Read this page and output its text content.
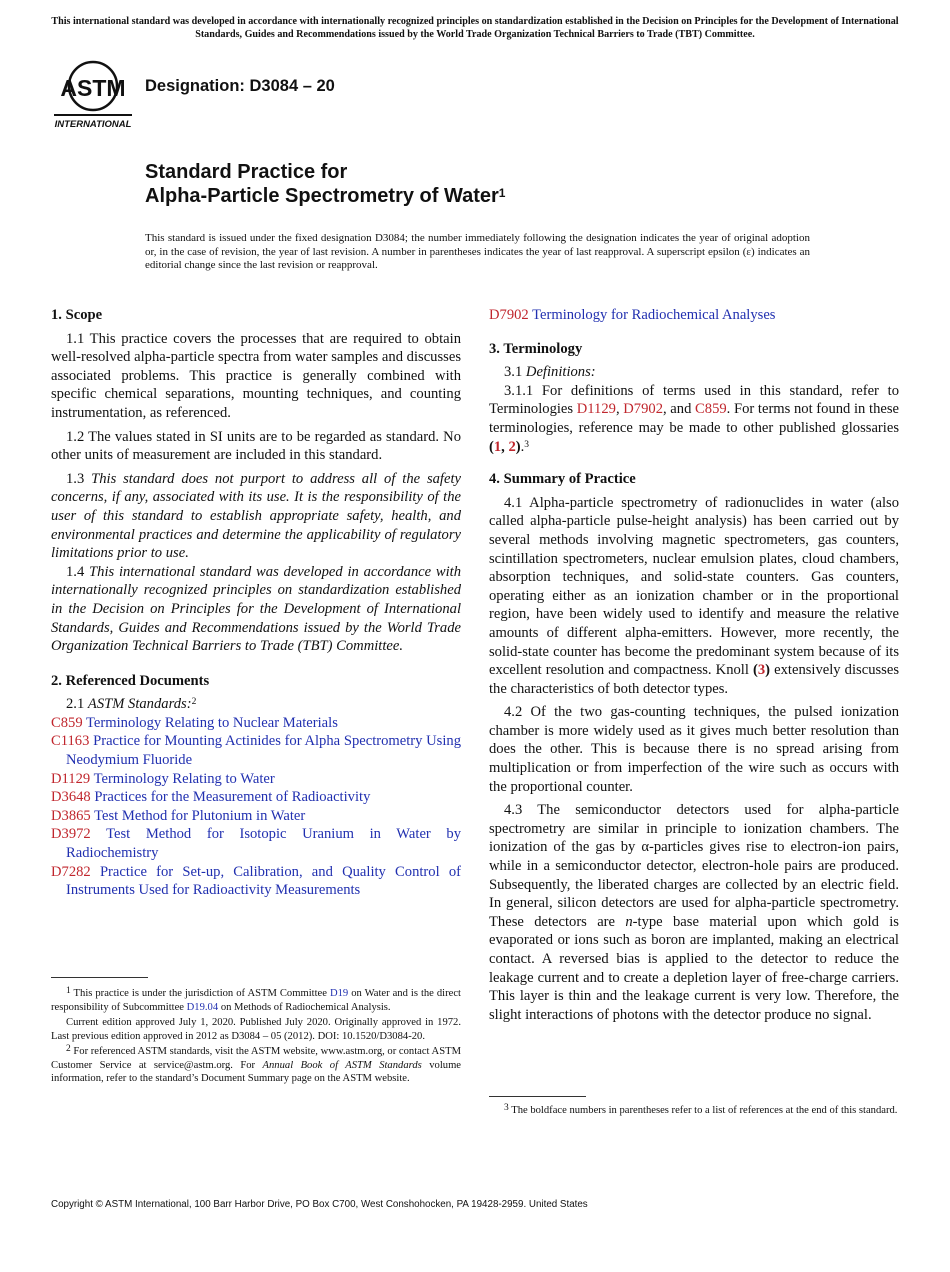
This international standard was developed in accordance with internationally recognized principles on standardization established in the Decision on Principles for the Development of International Standards, Guides and Recommendations issued by the World Trade Organization Technical Barriers to Trade (TBT) Committee.
ASTM
INTERNATIONAL
Designation: D3084 – 20
Standard Practice for
Alpha-Particle Spectrometry of Water$^1$
This standard is issued under the fixed designation D3084; the number immediately following the designation indicates the year of original adoption or, in the case of revision, the year of last revision. A number in parentheses indicates the year of last reapproval. A superscript epsilon (ε) indicates an editorial change since the last revision or reapproval.
1. Scope

1.1 This practice covers the processes that are required to obtain well-resolved alpha-particle spectra from water samples and discusses associated problems. This practice is generally combined with specific chemical separations, mounting techniques, and counting instrumentation, as referenced.

1.2 The values stated in SI units are to be regarded as standard. No other units of measurement are included in this standard.

1.3 This standard does not purport to address all of the safety concerns, if any, associated with its use. It is the responsibility of the user of this standard to establish appropriate safety, health, and environmental practices and determine the applicability of regulatory limitations prior to use.

1.4 This international standard was developed in accordance with internationally recognized principles on standardization established in the Decision on Principles for the Development of International Standards, Guides and Recommendations issued by the World Trade Organization Technical Barriers to Trade (TBT) Committee.

2. Referenced Documents

2.1 ASTM Standards:$^2$

C859 Terminology Relating to Nuclear Materials
C1163 Practice for Mounting Actinides for Alpha Spectrometry Using Neodymium Fluoride
D1129 Terminology Relating to Water
D3648 Practices for the Measurement of Radioactivity
D3865 Test Method for Plutonium in Water
D3972 Test Method for Isotopic Uranium in Water by Radiochemistry
D7282 Practice for Set-up, Calibration, and Quality Control of Instruments Used for Radioactivity Measurements

1 This practice is under the jurisdiction of ASTM Committee D19 on Water and is the direct responsibility of Subcommittee D19.04 on Methods of Radiochemical Analysis.

Current edition approved July 1, 2020. Published July 2020. Originally approved in 1972. Last previous edition approved in 2012 as D3084 – 05 (2012). DOI: 10.1520/D3084-20.

2 For referenced ASTM standards, visit the ASTM website, www.astm.org, or contact ASTM Customer Service at service@astm.org. For Annual Book of ASTM Standards volume information, refer to the standard’s Document Summary page on the ASTM website.

D7902 Terminology for Radiochemical Analyses
3. Terminology

3.1 Definitions:

3.1.1 For definitions of terms used in this standard, refer to Terminologies D1129, D7902, and C859. For terms not found in these terminologies, reference may be made to other published glossaries (1, 2).$^3$

4. Summary of Practice

4.1 Alpha-particle spectrometry of radionuclides in water (also called alpha-particle pulse-height analysis) has been carried out by several methods involving magnetic spectrometers, gas counters, scintillation spectrometers, nuclear emulsion plates, cloud chambers, absorption techniques, and solid-state counters. Gas counters, operating either as an ionization chamber or in the proportional region, have been widely used to identify and measure the relative amounts of different alpha-emitters. However, more recently, the solid-state counter has become the predominant system because of its excellent resolution and compactness. Knoll (3) extensively discusses the characteristics of both detector types.

4.2 Of the two gas-counting techniques, the pulsed ionization chamber is more widely used as it gives much better resolution than does the other. This is because there is no spread arising from multiplication or from imperfection of the wire such as occurs with the proportional counter.

4.3 The semiconductor detectors used for alpha-particle spectrometry are similar in principle to ionization chambers. The ionization of the gas by α-particles gives rise to electron-ion pairs, while in a semiconductor detector, electron-hole pairs are produced. Subsequently, the liberated charges are collected by an electric field. In general, silicon detectors are used for alpha-particle spectrometry. These detectors are n-type base material upon which gold is evaporated or ions such as boron are implanted, making an electrical contact. A reversed bias is applied to the detector to reduce the leakage current and to create a depletion layer of free-charge carriers. This layer is thin and the leakage current is very low. Therefore, the slight interactions of photons with the detector produce no signal.

3 The boldface numbers in parentheses refer to a list of references at the end of this standard.

Copyright © ASTM International, 100 Barr Harbor Drive, PO Box C700, West Conshohocken, PA 19428-2959. United States
